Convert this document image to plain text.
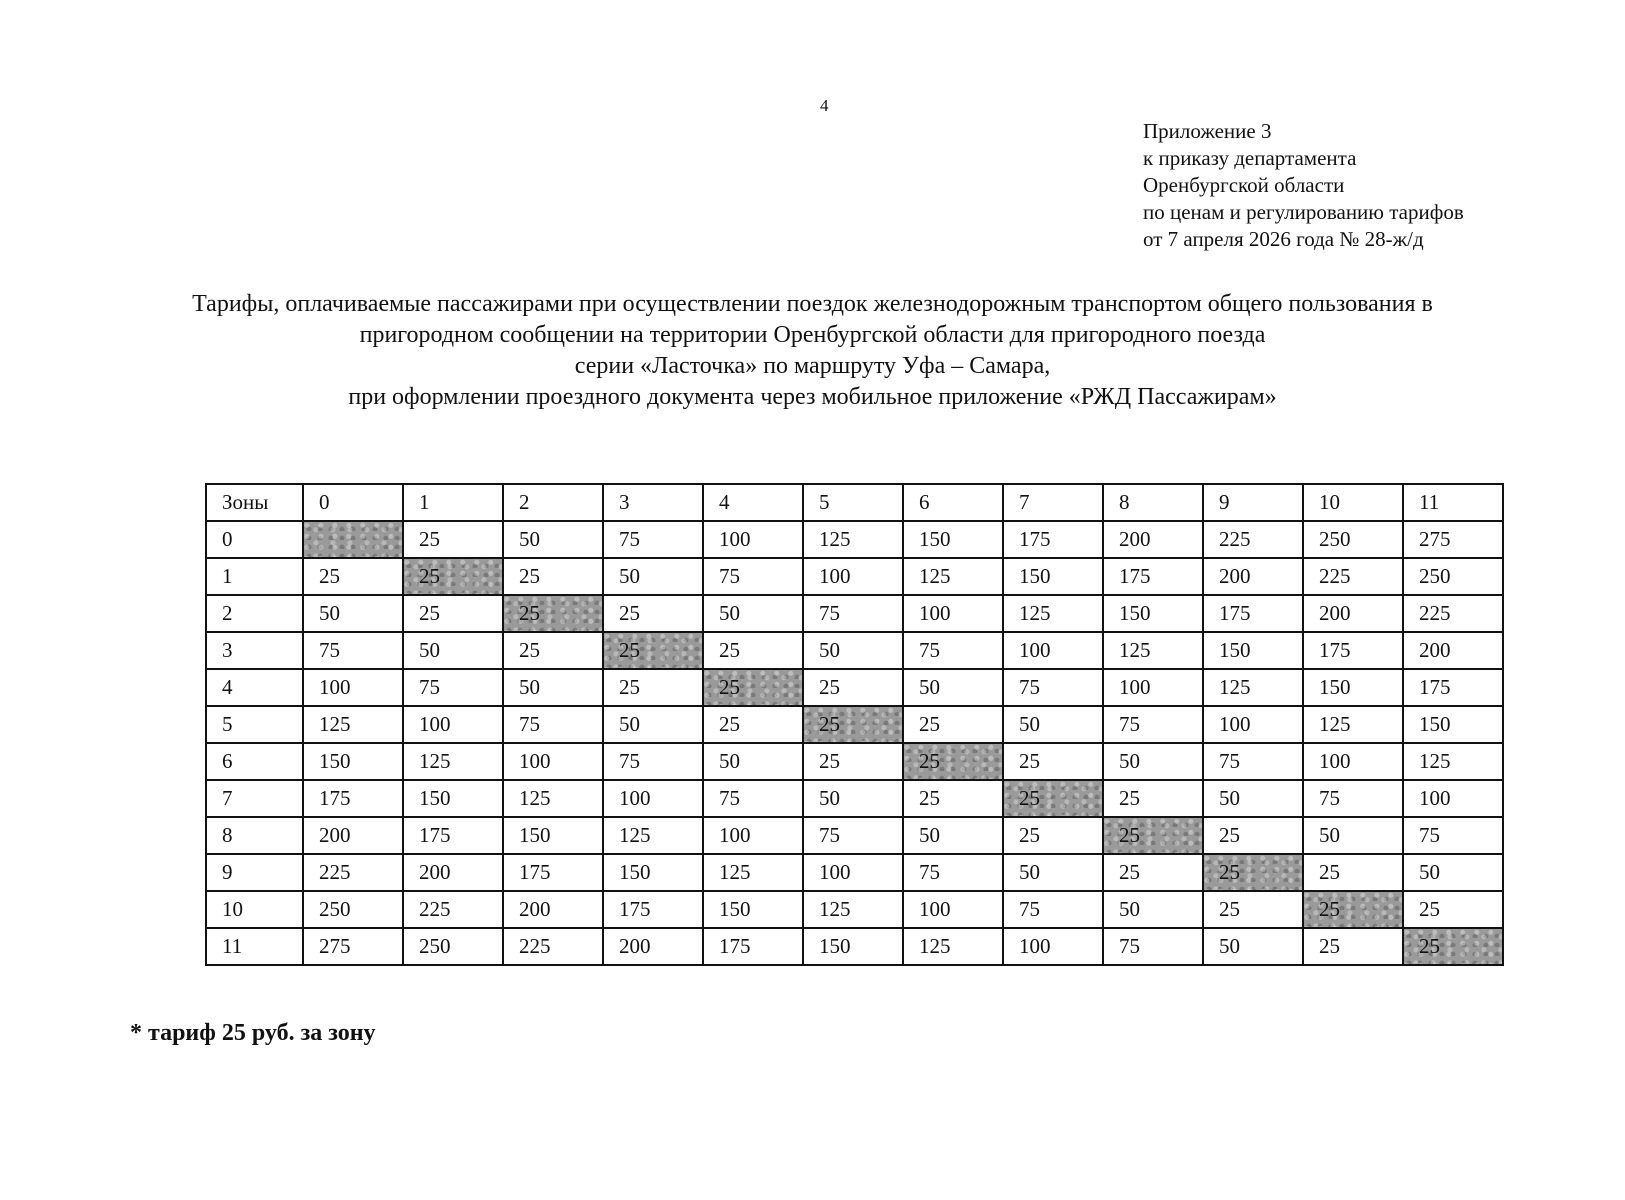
4
Приложение 3
к приказу департамента
Оренбургской области
по ценам и регулированию тарифов
от 7 апреля 2026 года № 28-ж/д
Тарифы, оплачиваемые пассажирами при осуществлении поездок железнодорожным транспортом общего пользования в
пригородном сообщении на территории Оренбургской области для пригородного поезда
серии «Ласточка» по маршруту Уфа – Самара,
при оформлении проездного документа через мобильное приложение «РЖД Пассажирам»
Зоны	0	1	2	3	4	5	6	7	8	9	10	11
0		25	50	75	100	125	150	175	200	225	250	275
1	25	25	25	50	75	100	125	150	175	200	225	250
2	50	25	25	25	50	75	100	125	150	175	200	225
3	75	50	25	25	25	50	75	100	125	150	175	200
4	100	75	50	25	25	25	50	75	100	125	150	175
5	125	100	75	50	25	25	25	50	75	100	125	150
6	150	125	100	75	50	25	25	25	50	75	100	125
7	175	150	125	100	75	50	25	25	25	50	75	100
8	200	175	150	125	100	75	50	25	25	25	50	75
9	225	200	175	150	125	100	75	50	25	25	25	50
10	250	225	200	175	150	125	100	75	50	25	25	25
11	275	250	225	200	175	150	125	100	75	50	25	25
* тариф 25 руб. за зону
